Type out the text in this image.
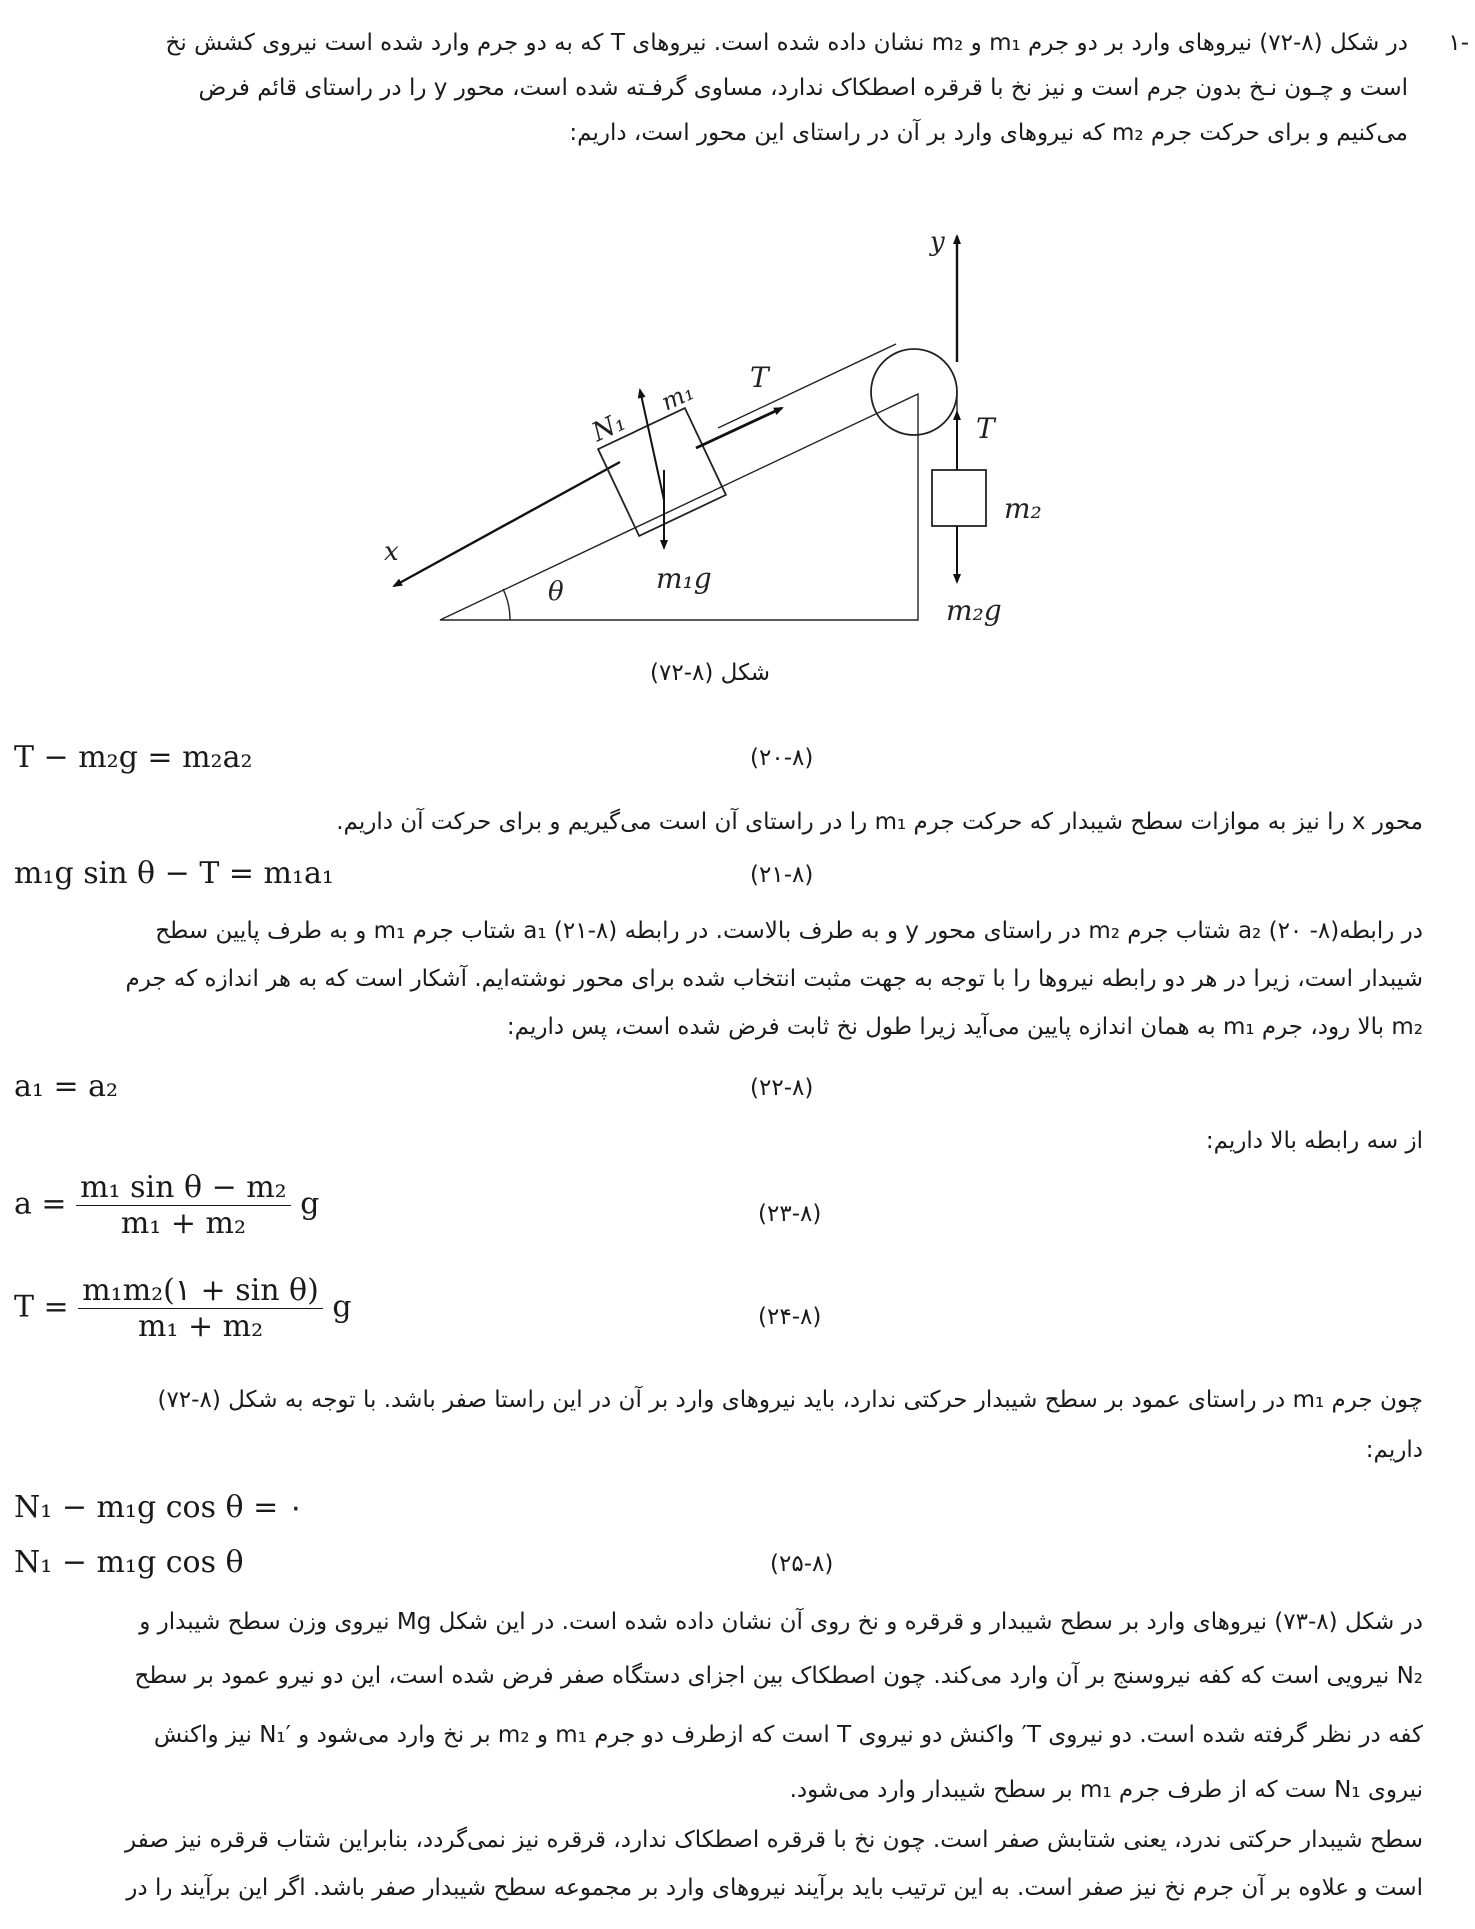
-۱
در شکل (۸-۷۲) نیروهای وارد بر دو جرم m₁ و m₂ نشان داده شده است. نیروهای T که به دو جرم وارد شده است نیروی کشش نخ
است و چـون نـخ بدون جرم است و نیز نخ با قرقره اصطکاک ندارد، مساوی گرفـته شده است، محور y را در راستای قائم فرض
می‌کنیم و برای حرکت جرم m₂ که نیروهای وارد بر آن در راستای این محور است، داریم:
y
x
θ
T
T
N₁
m₁
m₁g
m₂
m₂g
شکل (۸-۷۲)
T − m₂g = m₂a₂	(۲۰-۸)
محور x را نیز به موازات سطح شیبدار که حرکت جرم m₁ را در راستای آن است می‌گیریم و برای حرکت آن داریم.
m₁g sin θ − T = m₁a₁	(۲۱-۸)
در رابطه(۸- ۲۰) a₂ شتاب جرم m₂ در راستای محور y و به طرف بالاست. در رابطه (۸-۲۱) a₁ شتاب جرم m₁ و به طرف پایین سطح
شیبدار است، زیرا در هر دو رابطه نیروها را با توجه به جهت مثبت انتخاب شده برای محور نوشته‌ایم. آشکار است که به هر اندازه که جرم
m₂ بالا رود، جرم m₁ به همان اندازه پایین می‌آید زیرا طول نخ ثابت فرض شده است، پس داریم:
a₁ = a₂	(۲۲-۸)
از سه رابطه بالا داریم:
$a = \frac{\text{m₁ sin θ − m₂}}{\text{m₁ + m₂}}$ g	(۲۳-۸)
$T = \frac{\text{m₁m₂(۱ + sin θ)}}{\text{m₁ + m₂}}$ g	(۲۴-۸)
چون جرم m₁ در راستای عمود بر سطح شیبدار حرکتی ندارد، باید نیروهای وارد بر آن در این راستا صفر باشد. با توجه به شکل (۸-۷۲)
داریم:
N₁ − m₁g cos θ = ۰
N₁ − m₁g cos θ	(۲۵-۸)
در شکل (۸-۷۳) نیروهای وارد بر سطح شیبدار و قرقره و نخ روی آن نشان داده شده است. در این شکل Mg نیروی وزن سطح شیبدار و
N₂ نیرویی است که کفه نیروسنج بر آن وارد می‌کند. چون اصطکاک بین اجزای دستگاه صفر فرض شده است، این دو نیرو عمود بر سطح
کفه در نظر گرفته شده است. دو نیروی T′ واکنش دو نیروی T است که ازطرف دو جرم m₁ و m₂ بر نخ وارد می‌شود و N₁′ نیز واکنش
نیروی N₁ ست که از طرف جرم m₁ بر سطح شیبدار وارد می‌شود.
سطح شیبدار حرکتی ندرد، یعنی شتابش صفر است. چون نخ با قرقره اصطکاک ندارد، قرقره نیز نمی‌گردد، بنابراین شتاب قرقره نیز صفر
است و علاوه بر آن جرم نخ نیز صفر است. به این ترتیب باید برآیند نیروهای وارد بر مجموعه سطح شیبدار صفر باشد. اگر این برآیند را در
